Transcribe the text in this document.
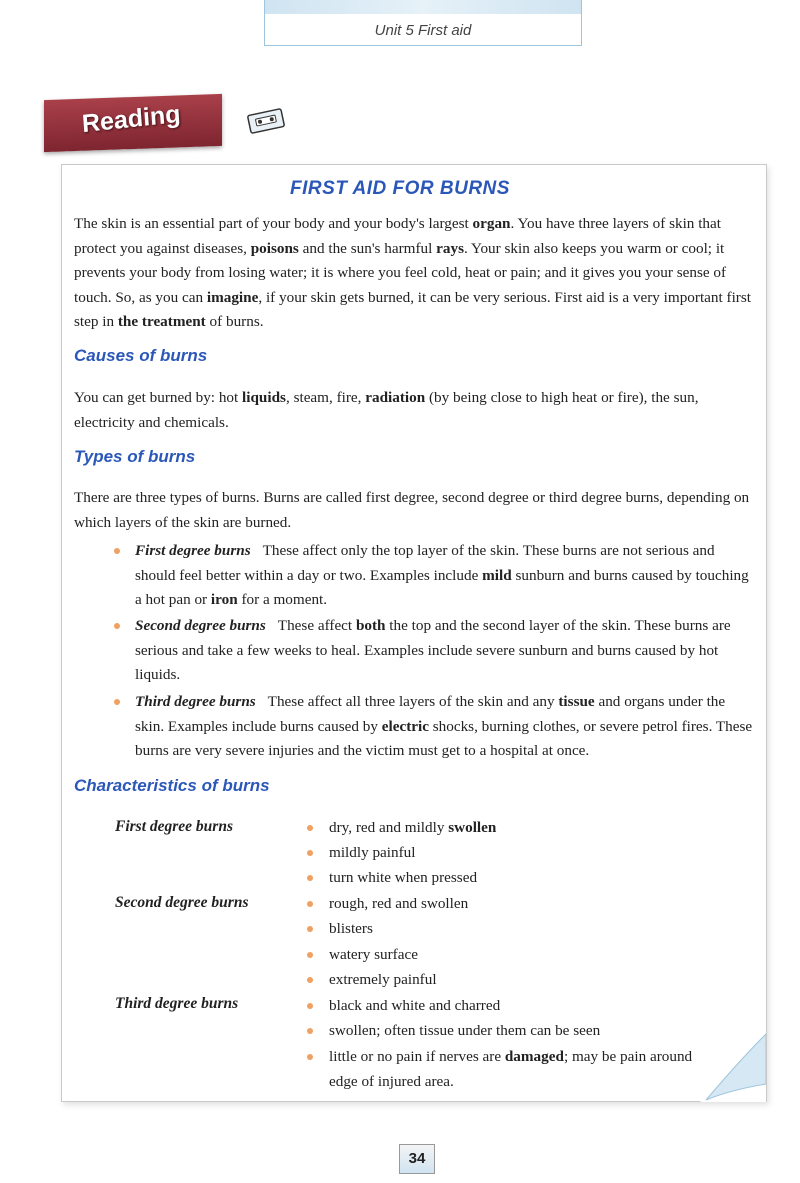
Unit 5 First aid
Reading
FIRST AID FOR BURNS

The skin is an essential part of your body and your body's largest organ. You have three layers of skin that protect you against diseases, poisons and the sun's harmful rays. Your skin also keeps you warm or cool; it prevents your body from losing water; it is where you feel cold, heat or pain; and it gives you your sense of touch. So, as you can imagine, if your skin gets burned, it can be very serious. First aid is a very important first step in the treatment of burns.

Causes of burns

You can get burned by: hot liquids, steam, fire, radiation (by being close to high heat or fire), the sun, electricity and chemicals.

Types of burns

There are three types of burns. Burns are called first degree, second degree or third degree burns, depending on which layers of the skin are burned.

First degree burns These affect only the top layer of the skin. These burns are not serious and should feel better within a day or two. Examples include mild sunburn and burns caused by touching a hot pan or iron for a moment.

Second degree burns These affect both the top and the second layer of the skin. These burns are serious and take a few weeks to heal. Examples include severe sunburn and burns caused by hot liquids.

Third degree burns These affect all three layers of the skin and any tissue and organs under the skin. Examples include burns caused by electric shocks, burning clothes, or severe petrol fires. These burns are very severe injuries and the victim must get to a hospital at once.

Characteristics of burns
First degree burns
Second degree burns
Third degree burns
dry, red and mildly swollen
mildly painful
turn white when pressed
rough, red and swollen
blisters
watery surface
extremely painful
black and white and charred
swollen; often tissue under them can be seen
little or no pain if nerves are damaged; may be pain around edge of injured area.
34
